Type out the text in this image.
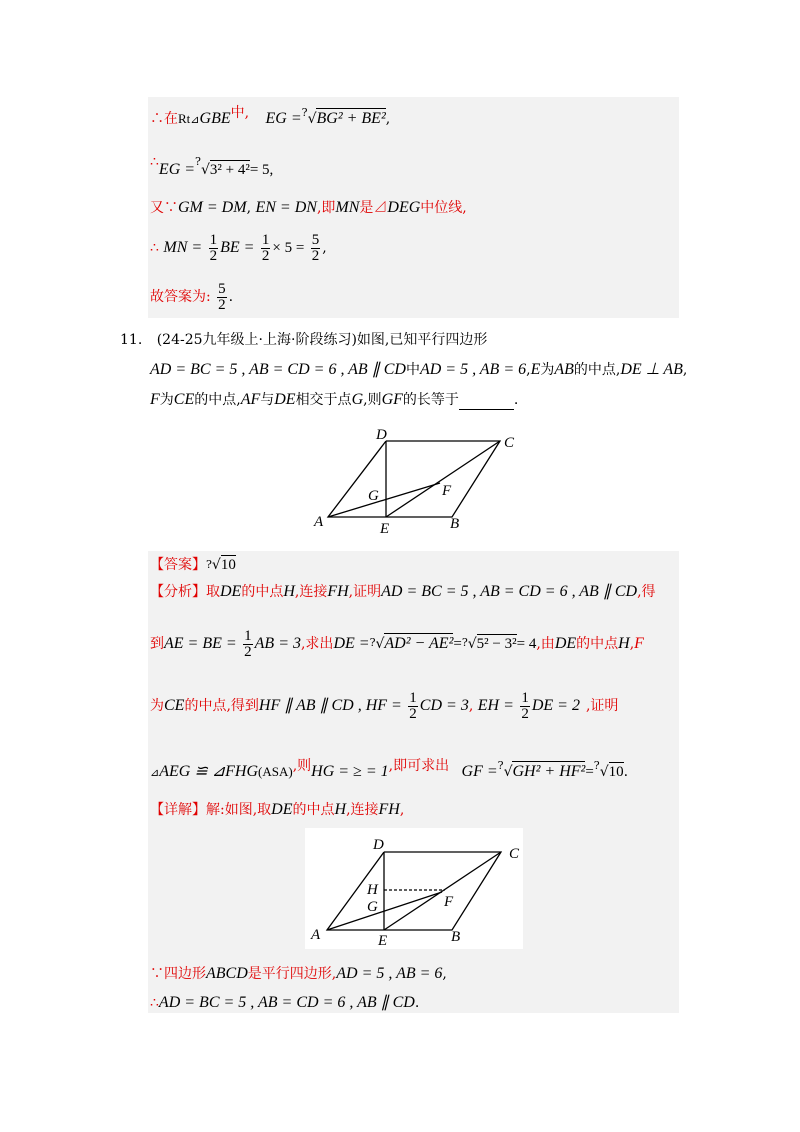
∴在Rt⊿GBE中, EG =?√BG² + BE²,
∴EG =?√3² + 4²= 5,
又∵GM = DM, EN = DN,即MN是⊿DEG中位线,
∴ MN = $\frac{1}{2}$ BE = $\frac{1}{2} \times 5 = \frac{5}{2}$ ,
故答案为: $\frac{5}{2}$ .
11. (24-25九年级上·上海·阶段练习)如图,已知平行四边形
AD = BC = 5 , AB = CD = 6 , AB ∥ CD中AD = 5 , AB = 6,E为AB的中点,DE ⊥ AB,
F为CE的中点,AF与DE相交于点G,则GF的长等于	.
D	C
G	F
A	E	B
【答案】?√10
【分析】取DE的中点H,连接FH,证明AD = BC = 5 , AB = CD = 6 , AB ∥ CD,得
到AE = BE = $\frac{1}{2}$ AB = 3,求出DE =?√AD² − AE²=?√5² − 3²= 4,由DE的中点H,F
为CE的中点,得到HF ∥ AB ∥ CD , HF = $\frac{1}{2}$ CD = 3, EH = $\frac{1}{2}$ DE = 2 ,证明
⊿AEG ≌ ⊿FHG(ASA),则HG = ≥ = 1,即可求出 GF =?√GH² + HF²=?√10.
【详解】解:如图,取DE的中点H,连接FH,
D
C
H
G	F
A	E	B
∵四边形ABCD是平行四边形,AD = 5 , AB = 6,
∴AD = BC = 5 , AB = CD = 6 , AB ∥ CD.
